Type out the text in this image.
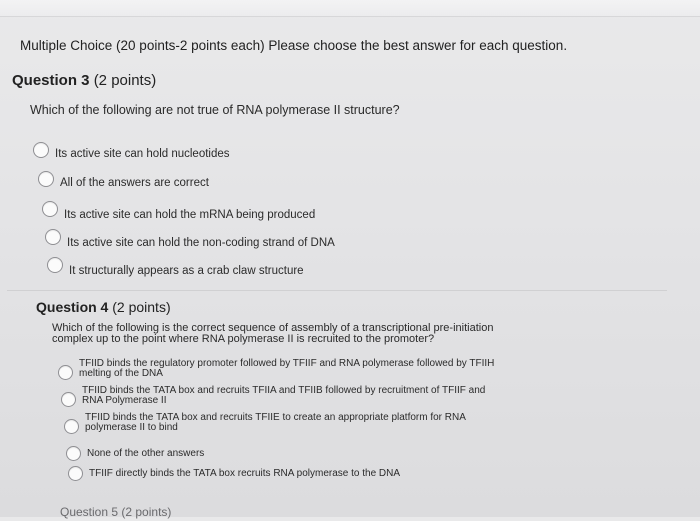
Multiple Choice (20 points-2 points each) Please choose the best answer for each question.
Question 3 (2 points)
Which of the following are not true of RNA polymerase II structure?
Its active site can hold nucleotides
All of the answers are correct
Its active site can hold the mRNA being produced
Its active site can hold the non-coding strand of DNA
It structurally appears as a crab claw structure
Question 4 (2 points)
Which of the following is the correct sequence of assembly of a transcriptional pre-initiation
complex up to the point where RNA polymerase II is recruited to the promoter?
TFIID binds the regulatory promoter followed by TFIIF and RNA polymerase followed by TFIIH
melting of the DNA
TFIID binds the TATA box and recruits TFIIA and TFIIB followed by recruitment of TFIIF and
RNA Polymerase II
TFIID binds the TATA box and recruits TFIIE to create an appropriate platform for RNA
polymerase II to bind
None of the other answers
TFIIF directly binds the TATA box recruits RNA polymerase to the DNA
Question 5 (2 points)
